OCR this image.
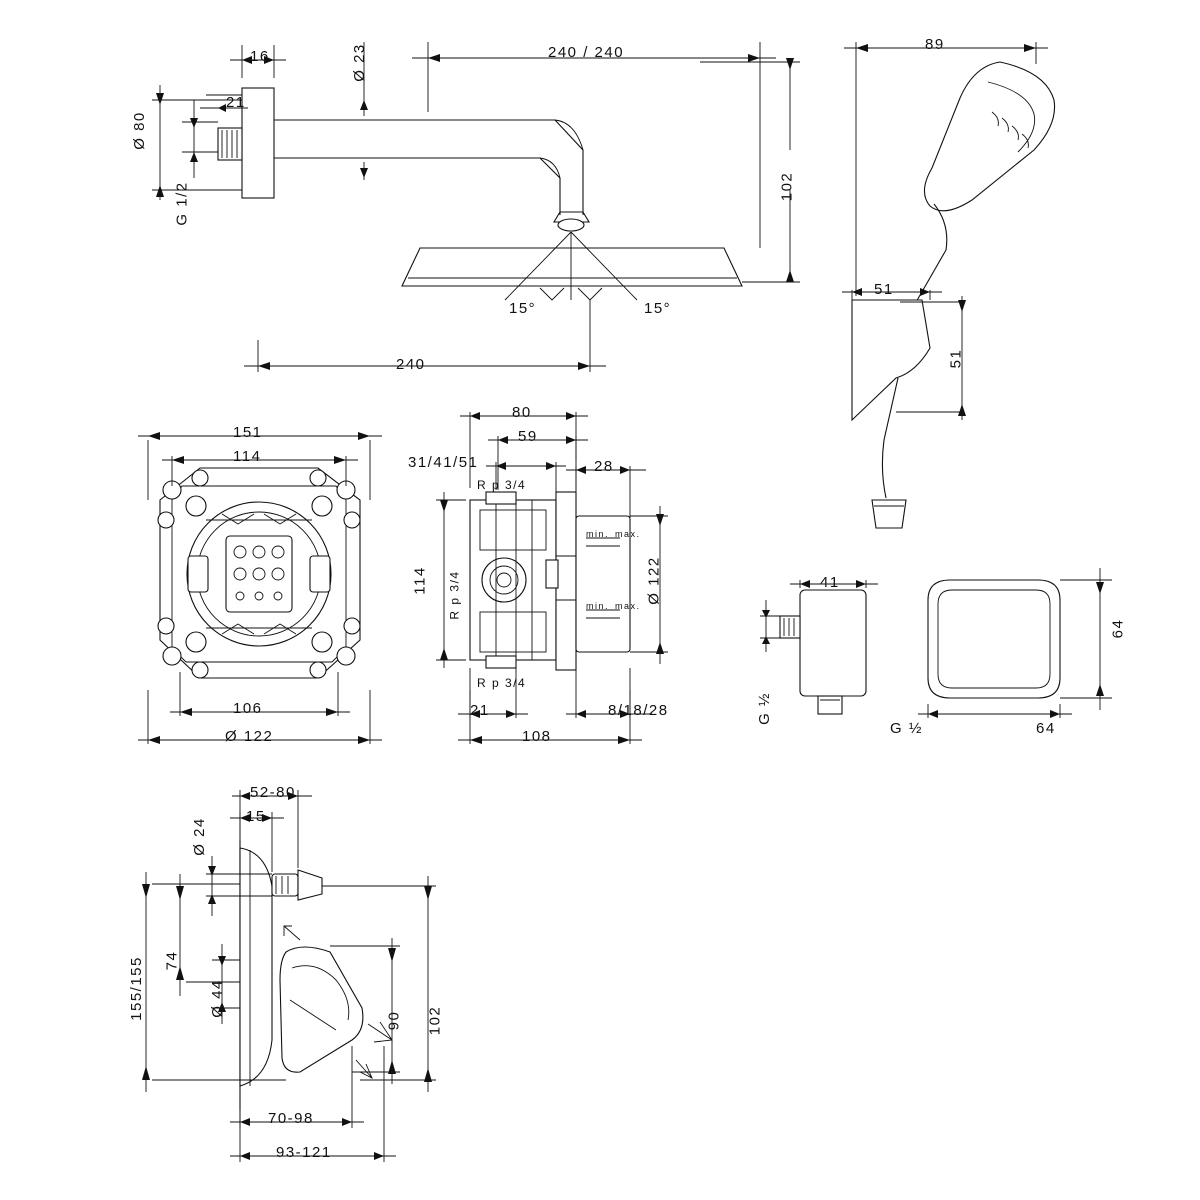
16
21
Ø 80
G 1/2
Ø 23	240 / 240
102
15°	15°
240
89
51
51
151
114
106
Ø 122
80
59
31/41/51	28
114	Ø 122
21	8/18/28
108
R p 3/4
R p 3/4
R p 3/4
min. max.
min. max.
41
G ½
64
64
G ½
52-80
15
Ø 24
155/155 74
Ø 44
90 102
70-98
93-121
